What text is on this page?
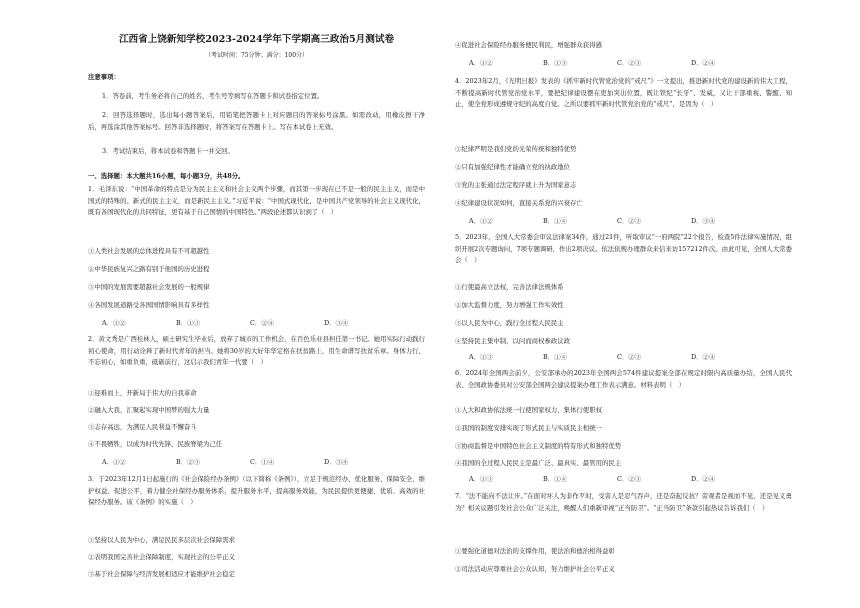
江西省上饶新知学校2023-2024学年下学期高三政治5月测试卷
（考试时间：75分钟；满分：100分）
注意事项：
1．答卷前，考生务必将自己的姓名、考生号等填写在答题卡和试卷指定位置。
2．回答选择题时，选出每小题答案后，用铅笔把答题卡上对应题目的答案标号涂黑。如需改动，用橡皮擦干净后，再选涂其他答案标号。回答非选择题时，将答案写在答题卡上。写在本试卷上无效。
3．考试结束后，将本试卷和答题卡一并交回。
一、选择题：本大题共16小题，每小题3分，共48分。
1．毛泽东说：“中国革命的特点是分为民主主义和社会主义两个步骤，而其第一步现在已不是一般的民主主义，而是中国式的特殊的、新式的民主主义，而是新民主主义。”习近平说：“中国式现代化，是中国共产党领导的社会主义现代化，既有各国现代化的共同特征，更有基于自己国情的中国特色。”两段论述都认识到了（　）
①人类社会发展的总体进程具有不可超越性
②中华民族复兴之路有别于他国的历史进程
③中国的发展需要超越社会发展的一般规律
④各国发展道路受各国国情影响具有多样性
A．①②	B．①③	C．②④	D．③④
2．黄文秀是广西桂林人，硕士研究生毕业后，放弃了城市的工作机会，在百色乐业县担任第一书记。她用实际行动践行初心使命，用行动诠释了新时代青年的担当。她将30岁的大好年华定格在扶贫路上，用生命谱写扶贫乐章。身体力行，不忘初心，如重负重，砥砺前行，这启示我们青年一代要（　）
①迎难而上，开新局于伟大的自我革命
②融入大我，汇聚起实现中国梦的强大力量
③志存高远，为满足人民利益不懈奋斗
④不畏牺牲，以成为时代先锋、民族脊梁为己任
A．①②	B．②③	C．①④	D．③④
3．于2023年12月1日起施行的《社会保险经办条例》（以下简称《条例》），立足于规范经办、优化服务、保障安全、维护权益、促进公平，着力健全社保经办服务体系，提升服务水平，提高服务效能，为民民提供更便捷、优质、高效的社保经办服务。该《条例》的实施（　）
①坚持以人民为中心，满足民民多层次社会保障需求
②表明我国完善社会保障制度，实现社会的公平正义
③基于社会保障与经济发展相适应才能维护社会稳定
④促进社会保险经办服务便民利民，增强群众获得感
A．①②	B．①③	C．②③	D．②④
4．2023年2月，《光明日报》发表的《抓牢新时代管党治党的“戒尺”》一文提出，推进新时代党的建设新的伟大工程，不断提高新时代管党治党水平，要把纪律建设摆在更加突出位置，既让铁纪“长牙”、发威，又让干部重视、警醒、知止，使全党形成遵规守纪的高度自觉。之所以要抓牢新时代管党治党的“戒尺”，是因为（　）
①纪律严明是我们党的光荣传统和独特优势
②只有加强纪律性才能确立党的执政地位
③党的主张通过法定程序就上升为国家意志
④纪律建设状况如何，直接关系党的兴衰存亡
A．①②	B．①④	C．②③	D．③④
5．2023年，全国人大常委会审议法律案34件，通过21件，听取审议“一府两院”22个报告，检查5件法律实施情况，组织开展2次专题询问，7项专题调研，作出2项决议。依法依规办理群众来信来访157212件次。由此可见，全国人大常委会（　）
①行使最高立法权，完善法律法规体系
②加大监督力度，努力增强工作实效性
③以人民为中心，践行全过程人民民主
④坚持民主集中制，以问而商权参政议政
A．①③	B．①④	C．②③	D．②④
6．2024年全国两会前夕，公安部承办的2023年全国两会574件建议提案全部在规定时限内高质量办结，全国人民代表、全国政协委员对公安部全国两会建议提案办理工作表示满意。材料表明（　）
①人大和政协依法统一行使国家权力，集体行使职权
②我国的制度安排实现了形式民主与实质民主相统一
③协商监督是中国特色社会主义制度的特有形式和独特优势
④我国的全过程人民民主是最广泛、最真实、最管用的民主
A．①③	B．①④	C．②③	D．②④
7．“法不能向不法让步。”在面对坏人为非作歹时，受害人是忍气吞声，还是奋起反抗？旁观者是视而不见，还是见义勇为？相关议题引发社会公众广泛关注，唤醒人们重新审视“正当防卫”。“正当防卫”条款引起热议告诉我们（　）
①要强化道德对法治的支撑作用，使法治和德治相得益彰
②司法活动应尊重社会公众认知，努力维护社会公平正义
